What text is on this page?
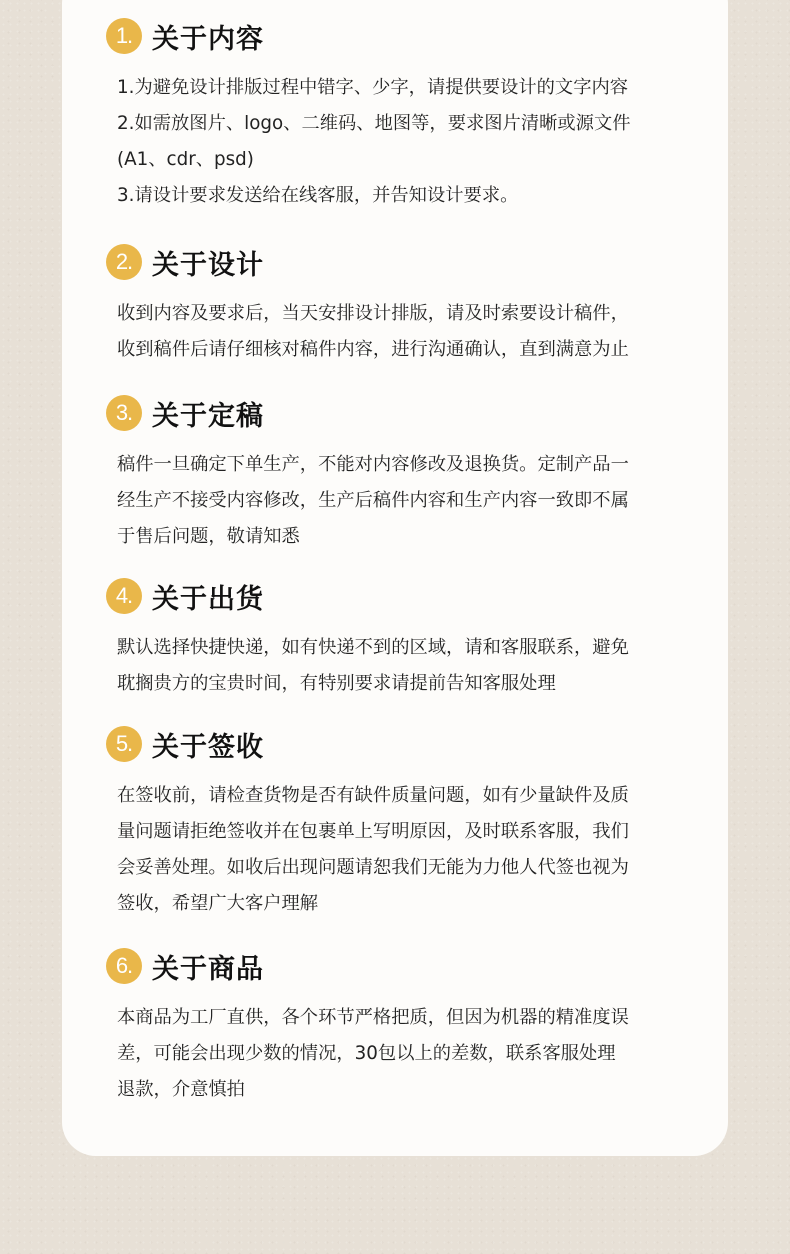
1. 关于内容
1.为避免设计排版过程中错字、少字，请提供要设计的文字内容
2.如需放图片、logo、二维码、地图等，要求图片清晰或源文件
(A1、cdr、psd)
3.请设计要求发送给在线客服，并告知设计要求。
2. 关于设计
收到内容及要求后，当天安排设计排版，请及时索要设计稿件，
收到稿件后请仔细核对稿件内容，进行沟通确认，直到满意为止
3. 关于定稿
稿件一旦确定下单生产，不能对内容修改及退换货。定制产品一
经生产不接受内容修改，生产后稿件内容和生产内容一致即不属
于售后问题，敬请知悉
4. 关于出货
默认选择快捷快递，如有快递不到的区域，请和客服联系，避免
耽搁贵方的宝贵时间，有特别要求请提前告知客服处理
5. 关于签收
在签收前，请检查货物是否有缺件质量问题，如有少量缺件及质
量问题请拒绝签收并在包裹单上写明原因，及时联系客服，我们
会妥善处理。如收后出现问题请恕我们无能为力他人代签也视为
签收，希望广大客户理解
6. 关于商品
本商品为工厂直供，各个环节严格把质，但因为机器的精准度误
差，可能会出现少数的情况，30包以上的差数，联系客服处理
退款，介意慎拍
